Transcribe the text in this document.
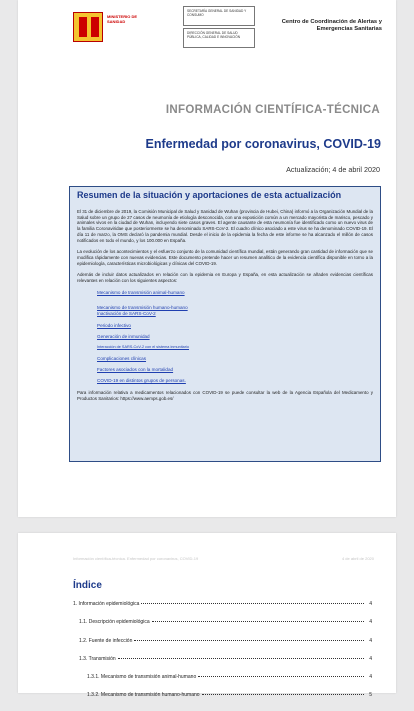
MINISTERIO DE SANIDAD
SECRETARÍA GENERAL DE SANIDAD Y CONSUMO
DIRECCIÓN GENERAL DE SALUD PÚBLICA, CALIDAD E INNOVACIÓN
Centro de Coordinación de Alertas y Emergencias Sanitarias
INFORMACIÓN CIENTÍFICA-TÉCNICA
Enfermedad por coronavirus, COVID-19
Actualización; 4 de abril 2020
Resumen de la situación y aportaciones de esta actualización

El 31 de diciembre de 2019, la Comisión Municipal de Salud y Sanidad de Wuhan (provincia de Hubei, China) informó a la Organización Mundial de la Salud sobre un grupo de 27 casos de neumonía de etiología desconocida, con una exposición común a un mercado mayorista de marisco, pescado y animales vivos en la ciudad de Wuhan, incluyendo siete casos graves. El agente causante de esta neumonía fue identificado como un nuevo virus de la familia Coronaviridae que posteriormente se ha denominado SARS-CoV-2. El cuadro clínico asociado a este virus se ha denominado COVID-19. El día 11 de marzo, la OMS declaró la pandemia mundial. Desde el inicio de la epidemia la fecha de este informe se ha alcanzado el millón de casos notificados en todo el mundo, y los 100.000 en España.

La evolución de los acontecimientos y el esfuerzo conjunto de la comunidad científica mundial, están generando gran cantidad de información que se modifica rápidamente con nuevas evidencias. Este documento pretende hacer un resumen analítico de la evidencia científica disponible en torno a la epidemiología, características microbiológicas y clínicas del COVID-19.

Además de incluir datos actualizados en relación con la epidemia en Europa y España, en esta actualización se añaden evidencias científicas relevantes en relación con los siguientes aspectos:

Mecanismo de transmisión animal-humano
Mecanismo de transmisión humano-humano
Inactivación de SARS-CoV-2
Periodo infectivo
Generación de inmunidad
Interacción de SARS-CoV-2 con el sistema inmunitario
Complicaciones clínicas
Factores asociados con la mortalidad
COVID-19 en distintos grupos de personas.

Para información relativa a medicamentos relacionados con COVID-19 se puede consultar la web de la Agencia Española del Medicamento y Productos Sanitarios: https://www.aemps.gob.es/

4 de abril de 2020
Información científica-técnica. Enfermedad por coronavirus, COVID-19
Índice
1. Información epidemiológica	4
1.1. Descripción epidemiológica	4
1.2. Fuente de infección	4
1.3. Transmisión	4
1.3.1. Mecanismo de transmisión animal-humano	4
1.3.2. Mecanismo de transmisión humano-humano	5
